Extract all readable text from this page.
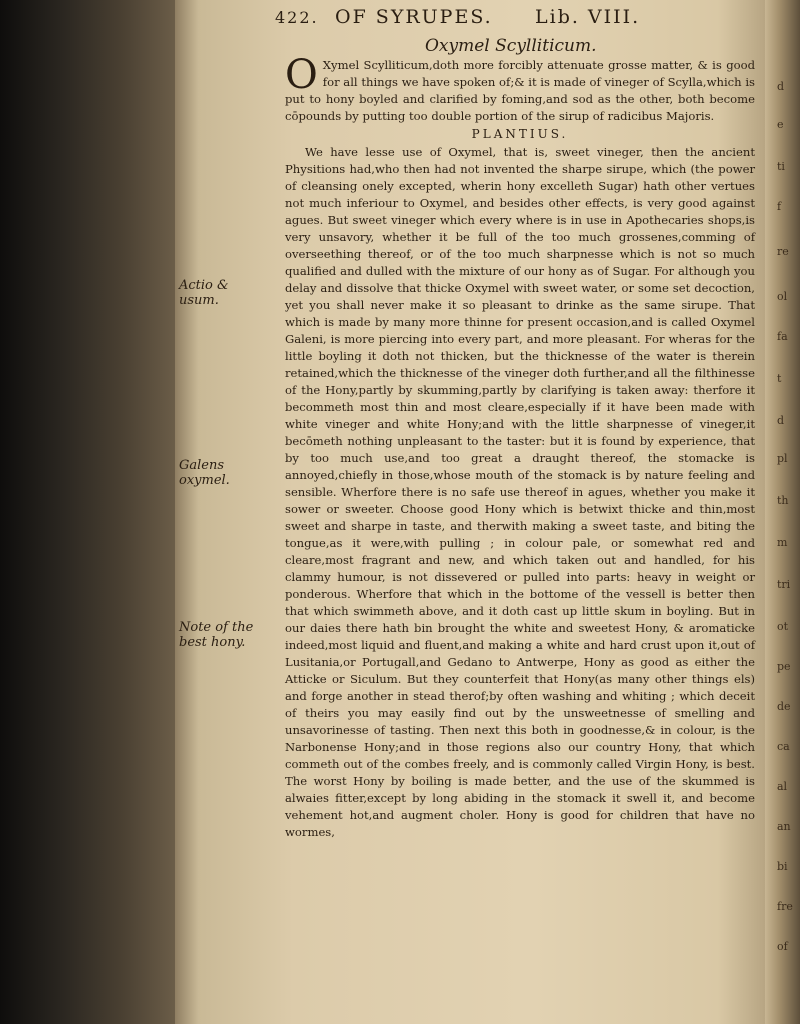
422. OF SYRUPES. Lib. VIII.
Oxymel Scylliticum.
Actio & usum.
Galens oxymel.
Note of the best hony.

O Xymel Scylliticum,doth more forcibly attenuate grosse matter, & is good for all things we have spoken of;& it is made of vineger of Scylla,which is put to hony boyled and clarified by foming,and sod as the other, both become cōpounds by putting too double portion of the sirup of radicibus Majoris.

PLANTIUS.

We have lesse use of Oxymel, that is, sweet vineger, then the ancient Physitions had,who then had not invented the sharpe sirupe, which (the power of cleansing onely excepted, wherin hony excelleth Sugar) hath other vertues not much inferiour to Oxymel, and besides other effects, is very good against agues. But sweet vineger which every where is in use in Apothecaries shops,is very unsavory, whether it be full of the too much grossenes,comming of overseething thereof, or of the too much sharpnesse which is not so much qualified and dulled with the mixture of our hony as of Sugar. For although you delay and dissolve that thicke Oxymel with sweet water, or some set decoction, yet you shall never make it so pleasant to drinke as the same sirupe. That which is made by many more thinne for present occasion,and is called Oxymel Galeni, is more piercing into every part, and more pleasant. For wheras for the little boyling it doth not thicken, but the thicknesse of the water is therein retained,which the thicknesse of the vineger doth further,and all the filthinesse of the Hony,partly by skumming,partly by clarifying is taken away: therfore it becommeth most thin and most cleare,especially if it have been made with white vineger and white Hony;and with the little sharpnesse of vineger,it becōmeth nothing unpleasant to the taster: but it is found by experience, that by too much use,and too great a draught thereof, the stomacke is annoyed,chiefly in those,whose mouth of the stomack is by nature feeling and sensible. Wherfore there is no safe use thereof in agues, whether you make it sower or sweeter. Choose good Hony which is betwixt thicke and thin,most sweet and sharpe in taste, and therwith making a sweet taste, and biting the tongue,as it were,with pulling ; in colour pale, or somewhat red and cleare,most fragrant and new, and which taken out and handled, for his clammy humour, is not dissevered or pulled into parts: heavy in weight or ponderous. Wherfore that which in the bottome of the vessell is better then that which swimmeth above, and it doth cast up little skum in boyling. But in our daies there hath bin brought the white and sweetest Hony, & aromaticke indeed,most liquid and fluent,and making a white and hard crust upon it,out of Lusitania,or Portugall,and Gedano to Antwerpe, Hony as good as either the Atticke or Siculum. But they counterfeit that Hony(as many other things els) and forge another in stead therof;by often washing and whiting ; which deceit of theirs you may easily find out by the unsweetnesse of smelling and unsavorinesse of tasting. Then next this both in goodnesse,& in colour, is the Narbonense Hony;and in those regions also our country Hony, that which commeth out of the combes freely, and is commonly called Virgin Hony, is best. The worst Hony by boiling is made better, and the use of the skummed is alwaies fitter,except by long abiding in the stomack it swell it, and become vehement hot,and augment choler. Hony is good for children that have no wormes,

d
e
ti
f
re
ol
fa
t
d
pl
th
m
tri
ot
pe
de
ca
al
an
bi
fre
of
